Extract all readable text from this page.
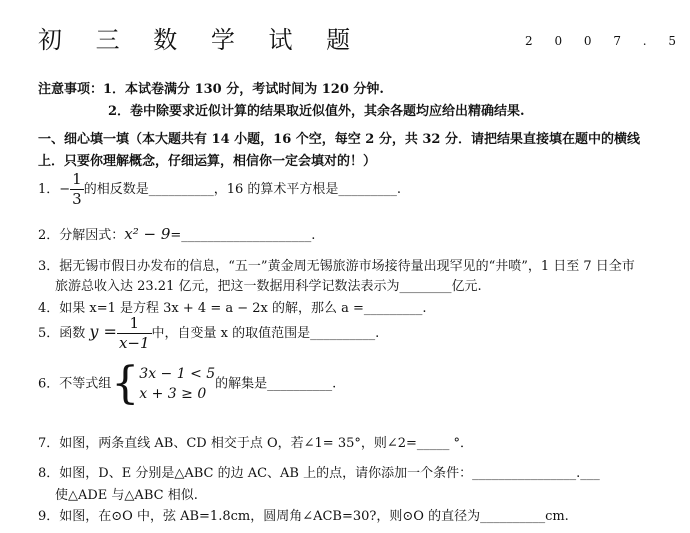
初 三 数 学 试 题	2 0 0 7 . 5
注意事项：1．本试卷满分 130 分，考试时间为 120 分钟.
2．卷中除要求近似计算的结果取近似值外，其余各题均应给出精确结果.
一、细心填一填（本大题共有 14 小题，16 个空，每空 2 分，共 32 分．请把结果直接填在题中的横线
上．只要你理解概念，仔细运算，相信你一定会填对的！）
1．− $\frac{1}{3}$ 的相反数是__________，16 的算术平方根是_________.
2．分解因式：x² − 9=____________________.
3．据无锡市假日办发布的信息，“五一”黄金周无锡旅游市场接待量出现罕见的“井喷”，1 日至 7 日全市
旅游总收入达 23.21 亿元，把这一数据用科学记数法表示为________亿元.
4．如果 x=1 是方程 3x + 4 = a − 2x 的解，那么 a =_________.
5．函数 $y = \frac{1}{x-1}$ 中，自变量 x 的取值范围是__________.
6．不等式组{ 3x − 1 < 5
x + 3 ≥ 0
的解集是__________.
7．如图，两条直线 AB、CD 相交于点 O，若∠1= 35°，则∠2=_____ °．
8．如图，D、E 分别是△ABC 的边 AC、AB 上的点，请你添加一个条件：________________.___
使△ADE 与△ABC 相似.
9．如图，在⊙O 中，弦 AB=1.8cm，圆周角∠ACB=30?，则⊙O 的直径为__________cm.
